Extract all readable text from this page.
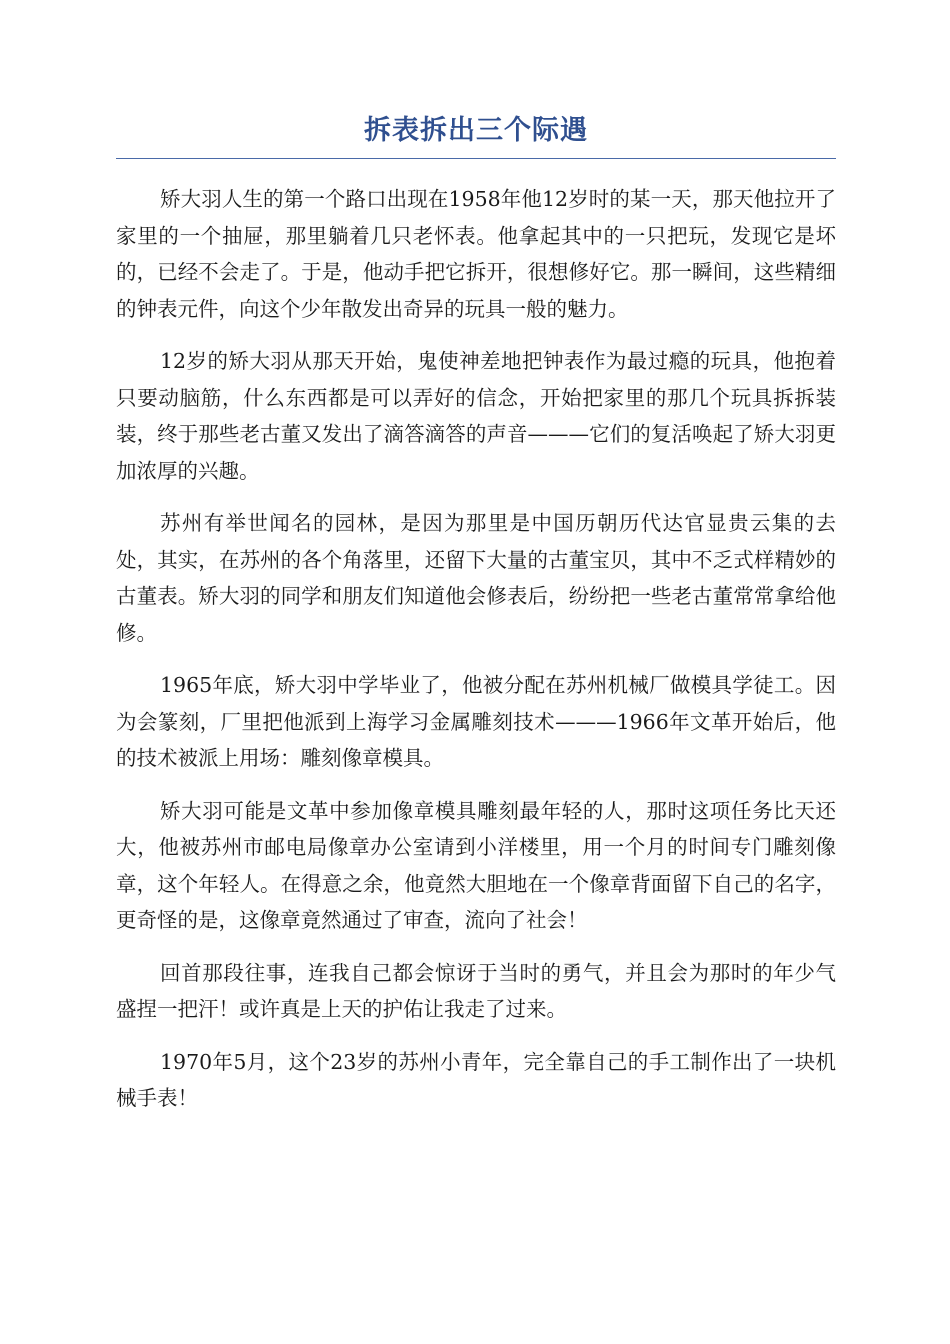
拆表拆出三个际遇

矫大羽人生的第一个路口出现在1958年他12岁时的某一天，那天他拉开了家里的一个抽屉，那里躺着几只老怀表。他拿起其中的一只把玩，发现它是坏的，已经不会走了。于是，他动手把它拆开，很想修好它。那一瞬间，这些精细的钟表元件，向这个少年散发出奇异的玩具一般的魅力。

12岁的矫大羽从那天开始，鬼使神差地把钟表作为最过瘾的玩具，他抱着只要动脑筋，什么东西都是可以弄好的信念，开始把家里的那几个玩具拆拆装装，终于那些老古董又发出了滴答滴答的声音———它们的复活唤起了矫大羽更加浓厚的兴趣。

苏州有举世闻名的园林，是因为那里是中国历朝历代达官显贵云集的去处，其实，在苏州的各个角落里，还留下大量的古董宝贝，其中不乏式样精妙的古董表。矫大羽的同学和朋友们知道他会修表后，纷纷把一些老古董常常拿给他修。

1965年底，矫大羽中学毕业了，他被分配在苏州机械厂做模具学徒工。因为会篆刻，厂里把他派到上海学习金属雕刻技术———1966年文革开始后，他的技术被派上用场：雕刻像章模具。

矫大羽可能是文革中参加像章模具雕刻最年轻的人，那时这项任务比天还大，他被苏州市邮电局像章办公室请到小洋楼里，用一个月的时间专门雕刻像章，这个年轻人。在得意之余，他竟然大胆地在一个像章背面留下自己的名字，更奇怪的是，这像章竟然通过了审查，流向了社会！

回首那段往事，连我自己都会惊讶于当时的勇气，并且会为那时的年少气盛捏一把汗！或许真是上天的护佑让我走了过来。

1970年5月，这个23岁的苏州小青年，完全靠自己的手工制作出了一块机械手表！
